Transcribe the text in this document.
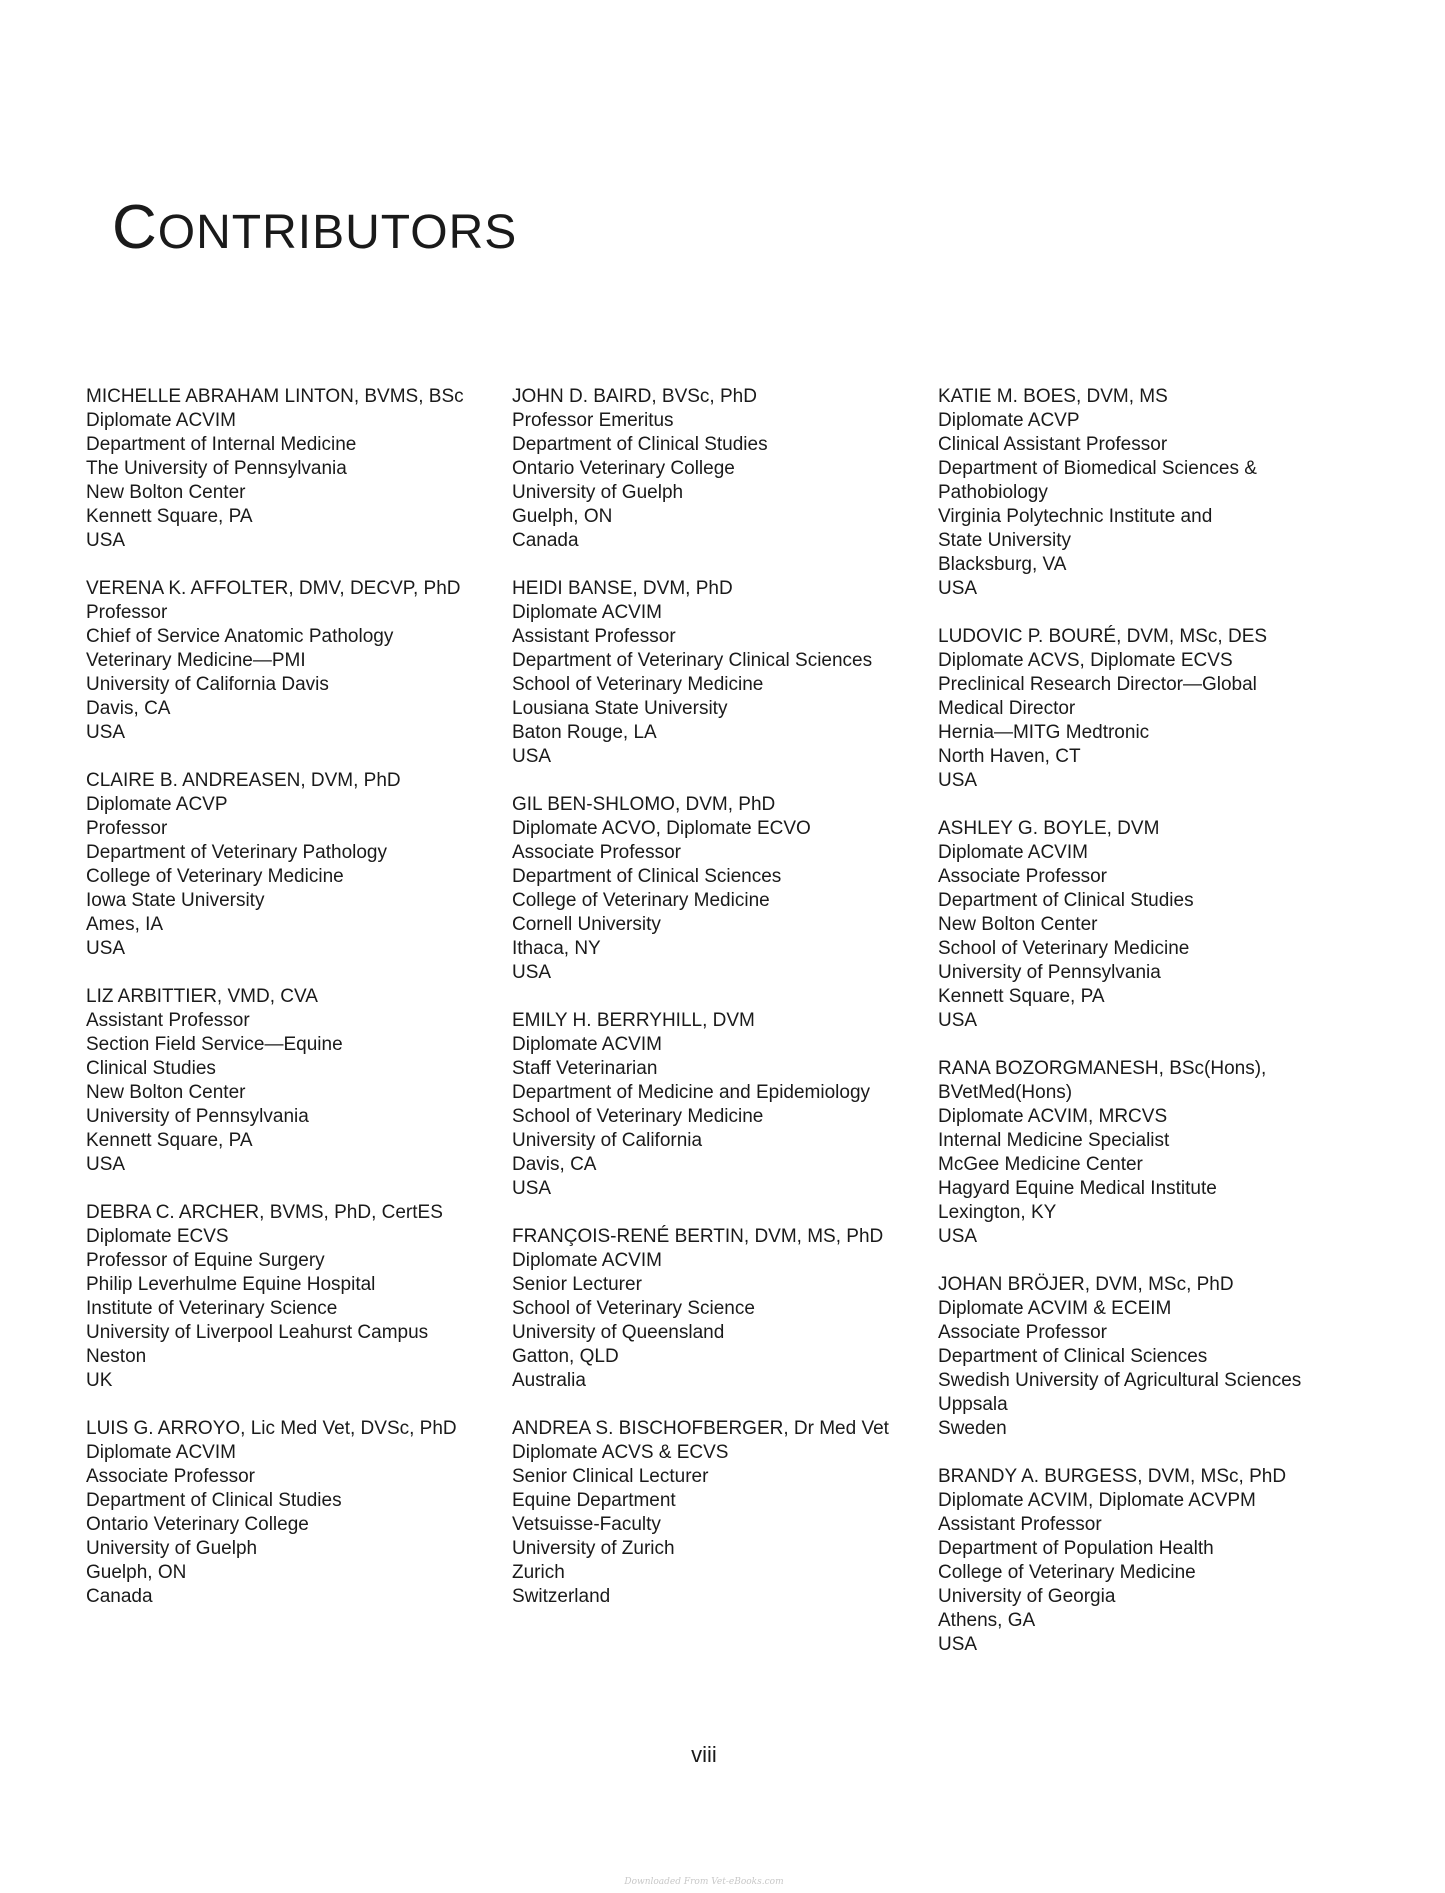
CONTRIBUTORS
MICHELLE ABRAHAM LINTON, BVMS, BSc
Diplomate ACVIM
Department of Internal Medicine
The University of Pennsylvania
New Bolton Center
Kennett Square, PA
USA
VERENA K. AFFOLTER, DMV, DECVP, PhD
Professor
Chief of Service Anatomic Pathology
Veterinary Medicine—PMI
University of California Davis
Davis, CA
USA
CLAIRE B. ANDREASEN, DVM, PhD
Diplomate ACVP
Professor
Department of Veterinary Pathology
College of Veterinary Medicine
Iowa State University
Ames, IA
USA
LIZ ARBITTIER, VMD, CVA
Assistant Professor
Section Field Service—Equine
Clinical Studies
New Bolton Center
University of Pennsylvania
Kennett Square, PA
USA
DEBRA C. ARCHER, BVMS, PhD, CertES
Diplomate ECVS
Professor of Equine Surgery
Philip Leverhulme Equine Hospital
Institute of Veterinary Science
University of Liverpool Leahurst Campus
Neston
UK
LUIS G. ARROYO, Lic Med Vet, DVSc, PhD
Diplomate ACVIM
Associate Professor
Department of Clinical Studies
Ontario Veterinary College
University of Guelph
Guelph, ON
Canada
JOHN D. BAIRD, BVSc, PhD
Professor Emeritus
Department of Clinical Studies
Ontario Veterinary College
University of Guelph
Guelph, ON
Canada
HEIDI BANSE, DVM, PhD
Diplomate ACVIM
Assistant Professor
Department of Veterinary Clinical Sciences
School of Veterinary Medicine
Lousiana State University
Baton Rouge, LA
USA
GIL BEN-SHLOMO, DVM, PhD
Diplomate ACVO, Diplomate ECVO
Associate Professor
Department of Clinical Sciences
College of Veterinary Medicine
Cornell University
Ithaca, NY
USA
EMILY H. BERRYHILL, DVM
Diplomate ACVIM
Staff Veterinarian
Department of Medicine and Epidemiology
School of Veterinary Medicine
University of California
Davis, CA
USA
FRANÇOIS-RENÉ BERTIN, DVM, MS, PhD
Diplomate ACVIM
Senior Lecturer
School of Veterinary Science
University of Queensland
Gatton, QLD
Australia
ANDREA S. BISCHOFBERGER, Dr Med Vet
Diplomate ACVS & ECVS
Senior Clinical Lecturer
Equine Department
Vetsuisse-Faculty
University of Zurich
Zurich
Switzerland
KATIE M. BOES, DVM, MS
Diplomate ACVP
Clinical Assistant Professor
Department of Biomedical Sciences &
Pathobiology
Virginia Polytechnic Institute and
State University
Blacksburg, VA
USA
LUDOVIC P. BOURÉ, DVM, MSc, DES
Diplomate ACVS, Diplomate ECVS
Preclinical Research Director—Global
Medical Director
Hernia—MITG Medtronic
North Haven, CT
USA
ASHLEY G. BOYLE, DVM
Diplomate ACVIM
Associate Professor
Department of Clinical Studies
New Bolton Center
School of Veterinary Medicine
University of Pennsylvania
Kennett Square, PA
USA
RANA BOZORGMANESH, BSc(Hons),
BVetMed(Hons)
Diplomate ACVIM, MRCVS
Internal Medicine Specialist
McGee Medicine Center
Hagyard Equine Medical Institute
Lexington, KY
USA
JOHAN BRÖJER, DVM, MSc, PhD
Diplomate ACVIM & ECEIM
Associate Professor
Department of Clinical Sciences
Swedish University of Agricultural Sciences
Uppsala
Sweden
BRANDY A. BURGESS, DVM, MSc, PhD
Diplomate ACVIM, Diplomate ACVPM
Assistant Professor
Department of Population Health
College of Veterinary Medicine
University of Georgia
Athens, GA
USA
viii
Downloaded From Vet-eBooks.com
